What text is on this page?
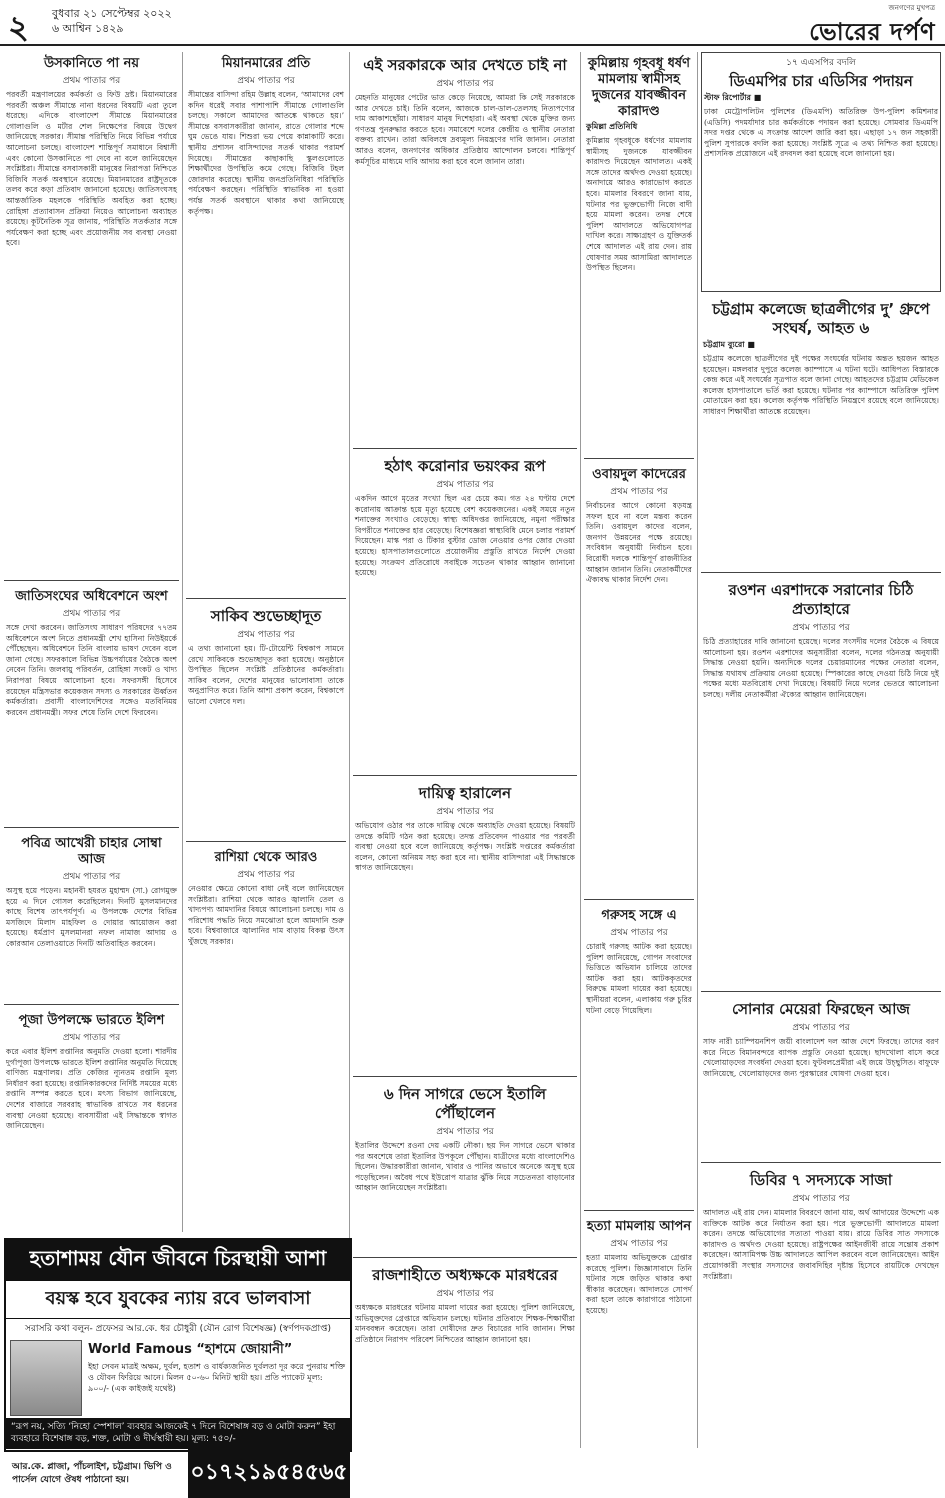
২ বুধবার ২১ সেপ্টেম্বর ২০২২
৬ আশ্বিন ১৪২৯
জনগণের মুখপত্র
ভোরের দর্পণ
উসকানিতে পা নয়
প্রথম পাতার পর

পরবর্তী মন্ত্রণালয়ের কর্মকর্তা ও ফিউ দ্রষ্ট। মিয়ানমারের পরবর্তী অঞ্চল সীমান্তে নানা ধরনের বিষয়টি এরা তুলে ধরেছে। এদিকে বাংলাদেশ সীমান্তে মিয়ানমারের গোলাগুলি ও মর্টার শেল নিক্ষেপের বিষয়ে উদ্বেগ জানিয়েছে সরকার। সীমান্ত পরিস্থিতি নিয়ে বিভিন্ন পর্যায়ে আলোচনা চলছে। বাংলাদেশ শান্তিপূর্ণ সমাধানে বিশ্বাসী এবং কোনো উসকানিতে পা দেবে না বলে জানিয়েছেন সংশ্লিষ্টরা। সীমান্তে বসবাসকারী মানুষের নিরাপত্তা নিশ্চিতে বিজিবি সতর্ক অবস্থানে রয়েছে। মিয়ানমারের রাষ্ট্রদূতকে তলব করে কড়া প্রতিবাদ জানানো হয়েছে। জাতিসংঘসহ আন্তর্জাতিক মহলকে পরিস্থিতি অবহিত করা হচ্ছে। রোহিঙ্গা প্রত্যাবাসন প্রক্রিয়া নিয়েও আলোচনা অব্যাহত রয়েছে। কূটনৈতিক সূত্র জানায়, পরিস্থিতি সতর্কতার সঙ্গে পর্যবেক্ষণ করা হচ্ছে এবং প্রয়োজনীয় সব ব্যবস্থা নেওয়া হবে।

জাতিসংঘের অধিবেশনে অংশ
প্রথম পাতার পর

সঙ্গে দেখা করবেন। জাতিসংঘ সাধারণ পরিষদের ৭৭তম অধিবেশনে অংশ নিতে প্রধানমন্ত্রী শেখ হাসিনা নিউইয়র্কে পৌঁছেছেন। অধিবেশনে তিনি বাংলায় ভাষণ দেবেন বলে জানা গেছে। সফরকালে বিভিন্ন উচ্চপর্যায়ের বৈঠকে অংশ নেবেন তিনি। জলবায়ু পরিবর্তন, রোহিঙ্গা সংকট ও খাদ্য নিরাপত্তা বিষয়ে আলোচনা হবে। সফরসঙ্গী হিসেবে রয়েছেন মন্ত্রিসভার কয়েকজন সদস্য ও সরকারের ঊর্ধ্বতন কর্মকর্তারা। প্রবাসী বাংলাদেশিদের সঙ্গেও মতবিনিময় করবেন প্রধানমন্ত্রী। সফর শেষে তিনি দেশে ফিরবেন।

পবিত্র আখেরী চাহার সোম্বা আজ
প্রথম পাতার পর

অসুস্থ হয়ে পড়েন। মহানবী হযরত মুহাম্মদ (সা.) রোগমুক্ত হয়ে এ দিনে গোসল করেছিলেন। দিনটি মুসলমানদের কাছে বিশেষ তাৎপর্যপূর্ণ। এ উপলক্ষে দেশের বিভিন্ন মসজিদে মিলাদ মাহফিল ও দোয়ার আয়োজন করা হয়েছে। ধর্মপ্রাণ মুসলমানরা নফল নামাজ আদায় ও কোরআন তেলাওয়াতে দিনটি অতিবাহিত করবেন।

পূজা উপলক্ষে ভারতে ইলিশ
প্রথম পাতার পর

করে এবার ইলিশ রপ্তানির অনুমতি দেওয়া হলো। শারদীয় দুর্গাপূজা উপলক্ষে ভারতে ইলিশ রপ্তানির অনুমতি দিয়েছে বাণিজ্য মন্ত্রণালয়। প্রতি কেজির ন্যূনতম রপ্তানি মূল্য নির্ধারণ করা হয়েছে। রপ্তানিকারকদের নির্দিষ্ট সময়ের মধ্যে রপ্তানি সম্পন্ন করতে হবে। মৎস্য বিভাগ জানিয়েছে, দেশের বাজারে সরবরাহ স্বাভাবিক রাখতে সব ধরনের ব্যবস্থা নেওয়া হয়েছে। ব্যবসায়ীরা এই সিদ্ধান্তকে স্বাগত জানিয়েছেন।

মিয়ানমারের প্রতি
প্রথম পাতার পর

সীমান্তের বাসিন্দা রহিম উল্লাহ বলেন, ‘আমাদের বেশ কদিন ধরেই সবার পাশাপাশি সীমান্তে গোলাগুলি চলছে। সকালে আমাদের আতঙ্কে থাকতে হয়।’ সীমান্তে বসবাসকারীরা জানান, রাতে গোলার শব্দে ঘুম ভেঙে যায়। শিশুরা ভয় পেয়ে কান্নাকাটি করে। স্থানীয় প্রশাসন বাসিন্দাদের সতর্ক থাকার পরামর্শ দিয়েছে। সীমান্তের কাছাকাছি স্কুলগুলোতে শিক্ষার্থীদের উপস্থিতি কমে গেছে। বিজিবি টহল জোরদার করেছে। স্থানীয় জনপ্রতিনিধিরা পরিস্থিতি পর্যবেক্ষণ করছেন। পরিস্থিতি স্বাভাবিক না হওয়া পর্যন্ত সতর্ক অবস্থানে থাকার কথা জানিয়েছে কর্তৃপক্ষ।

সাকিব শুভেচ্ছাদূত
প্রথম পাতার পর

এ তথ্য জানানো হয়। টি-টোয়েন্টি বিশ্বকাপ সামনে রেখে সাকিবকে শুভেচ্ছাদূত করা হয়েছে। অনুষ্ঠানে উপস্থিত ছিলেন সংশ্লিষ্ট প্রতিষ্ঠানের কর্মকর্তারা। সাকিব বলেন, দেশের মানুষের ভালোবাসা তাকে অনুপ্রাণিত করে। তিনি আশা প্রকাশ করেন, বিশ্বকাপে ভালো খেলবে দল।

রাশিয়া থেকে আরও
প্রথম পাতার পর

নেওয়ার ক্ষেত্রে কোনো বাধা নেই বলে জানিয়েছেন সংশ্লিষ্টরা। রাশিয়া থেকে আরও জ্বালানি তেল ও খাদ্যপণ্য আমদানির বিষয়ে আলোচনা চলছে। দাম ও পরিশোধ পদ্ধতি নিয়ে সমঝোতা হলে আমদানি শুরু হবে। বিশ্ববাজারে জ্বালানির দাম বাড়ায় বিকল্প উৎস খুঁজছে সরকার।

এই সরকারকে আর দেখতে চাই না
প্রথম পাতার পর

মেহনতি মানুষের পেটের ভাত কেড়ে নিয়েছে, আমরা কি সেই সরকারকে আর দেখতে চাই। তিনি বলেন, আজকে চাল-ডাল-তেলসহ নিত্যপণ্যের দাম আকাশছোঁয়া। সাধারণ মানুষ দিশেহারা। এই অবস্থা থেকে মুক্তির জন্য গণতন্ত্র পুনরুদ্ধার করতে হবে। সমাবেশে দলের কেন্দ্রীয় ও স্থানীয় নেতারা বক্তব্য রাখেন। তারা অবিলম্বে দ্রব্যমূল্য নিয়ন্ত্রণের দাবি জানান। নেতারা আরও বলেন, জনগণের অধিকার প্রতিষ্ঠায় আন্দোলন চলবে। শান্তিপূর্ণ কর্মসূচির মাধ্যমে দাবি আদায় করা হবে বলে জানান তারা।

হঠাৎ করোনার ভয়ংকর রূপ
প্রথম পাতার পর

একদিন আগে মৃতের সংখ্যা ছিল এর চেয়ে কম। গত ২৪ ঘণ্টায় দেশে করোনায় আক্রান্ত হয়ে মৃত্যু হয়েছে বেশ কয়েকজনের। একই সময়ে নতুন শনাক্তের সংখ্যাও বেড়েছে। স্বাস্থ্য অধিদপ্তর জানিয়েছে, নমুনা পরীক্ষার বিপরীতে শনাক্তের হার বেড়েছে। বিশেষজ্ঞরা স্বাস্থ্যবিধি মেনে চলার পরামর্শ দিয়েছেন। মাস্ক পরা ও টিকার বুস্টার ডোজ নেওয়ার ওপর জোর দেওয়া হয়েছে। হাসপাতালগুলোতে প্রয়োজনীয় প্রস্তুতি রাখতে নির্দেশ দেওয়া হয়েছে। সংক্রমণ প্রতিরোধে সবাইকে সচেতন থাকার আহ্বান জানানো হয়েছে।

দায়িত্ব হারালেন
প্রথম পাতার পর

অভিযোগ ওঠার পর তাকে দায়িত্ব থেকে অব্যাহতি দেওয়া হয়েছে। বিষয়টি তদন্তে কমিটি গঠন করা হয়েছে। তদন্ত প্রতিবেদন পাওয়ার পর পরবর্তী ব্যবস্থা নেওয়া হবে বলে জানিয়েছে কর্তৃপক্ষ। সংশ্লিষ্ট দপ্তরের কর্মকর্তারা বলেন, কোনো অনিয়ম সহ্য করা হবে না। স্থানীয় বাসিন্দারা এই সিদ্ধান্তকে স্বাগত জানিয়েছেন।

৬ দিন সাগরে ভেসে ইতালি পৌঁছালেন
প্রথম পাতার পর

ইতালির উদ্দেশে রওনা দেয় একটি নৌকা। ছয় দিন সাগরে ভেসে থাকার পর অবশেষে তারা ইতালির উপকূলে পৌঁছান। যাত্রীদের মধ্যে বাংলাদেশিও ছিলেন। উদ্ধারকারীরা জানান, খাবার ও পানির অভাবে অনেকে অসুস্থ হয়ে পড়েছিলেন। অবৈধ পথে ইউরোপ যাত্রার ঝুঁকি নিয়ে সচেতনতা বাড়ানোর আহ্বান জানিয়েছেন সংশ্লিষ্টরা।

রাজশাহীতে অধ্যক্ষকে মারধরের
প্রথম পাতার পর

অধ্যক্ষকে মারধরের ঘটনায় মামলা দায়ের করা হয়েছে। পুলিশ জানিয়েছে, অভিযুক্তদের গ্রেপ্তারে অভিযান চলছে। ঘটনার প্রতিবাদে শিক্ষক-শিক্ষার্থীরা মানববন্ধন করেছেন। তারা দোষীদের দ্রুত বিচারের দাবি জানান। শিক্ষা প্রতিষ্ঠানে নিরাপদ পরিবেশ নিশ্চিতের আহ্বান জানানো হয়।

কুমিল্লায় গৃহবধূ ধর্ষণ মামলায় স্বামীসহ দুজনের যাবজ্জীবন কারাদণ্ড
কুমিল্লা প্রতিনিধি

কুমিল্লায় গৃহবধূকে ধর্ষণের মামলায় স্বামীসহ দুজনকে যাবজ্জীবন কারাদণ্ড দিয়েছেন আদালত। একই সঙ্গে তাদের অর্থদণ্ড দেওয়া হয়েছে। অনাদায়ে আরও কারাভোগ করতে হবে। মামলার বিবরণে জানা যায়, ঘটনার পর ভুক্তভোগী নিজে বাদী হয়ে মামলা করেন। তদন্ত শেষে পুলিশ আদালতে অভিযোগপত্র দাখিল করে। সাক্ষ্যগ্রহণ ও যুক্তিতর্ক শেষে আদালত এই রায় দেন। রায় ঘোষণার সময় আসামিরা আদালতে উপস্থিত ছিলেন।

ওবায়দুল কাদেরের
প্রথম পাতার পর

নির্বাচনের আগে কোনো ষড়যন্ত্র সফল হবে না বলে মন্তব্য করেন তিনি। ওবায়দুল কাদের বলেন, জনগণ উন্নয়নের পক্ষে রয়েছে। সংবিধান অনুযায়ী নির্বাচন হবে। বিরোধী দলকে শান্তিপূর্ণ রাজনীতির আহ্বান জানান তিনি। নেতাকর্মীদের ঐক্যবদ্ধ থাকার নির্দেশ দেন।

গরুসহ সঙ্গে এ
প্রথম পাতার পর

চোরাই গরুসহ আটক করা হয়েছে। পুলিশ জানিয়েছে, গোপন সংবাদের ভিত্তিতে অভিযান চালিয়ে তাদের আটক করা হয়। আটককৃতদের বিরুদ্ধে মামলা দায়ের করা হয়েছে। স্থানীয়রা বলেন, এলাকায় গরু চুরির ঘটনা বেড়ে গিয়েছিল।

হত্যা মামলায় আপন
প্রথম পাতার পর

হত্যা মামলায় অভিযুক্তকে গ্রেপ্তার করেছে পুলিশ। জিজ্ঞাসাবাদে তিনি ঘটনার সঙ্গে জড়িত থাকার কথা স্বীকার করেছেন। আদালতে সোপর্দ করা হলে তাকে কারাগারে পাঠানো হয়েছে।

১৭ এএসপির বদলি
ডিএমপির চার এডিসির পদায়ন
স্টাফ রিপোর্টার ■

ঢাকা মেট্রোপলিটন পুলিশের (ডিএমপি) অতিরিক্ত উপ-পুলিশ কমিশনার (এডিসি) পদমর্যাদার চার কর্মকর্তাকে পদায়ন করা হয়েছে। সোমবার ডিএমপি সদর দপ্তর থেকে এ সংক্রান্ত আদেশ জারি করা হয়। এছাড়া ১৭ জন সহকারী পুলিশ সুপারকে বদলি করা হয়েছে। সংশ্লিষ্ট সূত্রে এ তথ্য নিশ্চিত করা হয়েছে। প্রশাসনিক প্রয়োজনে এই রদবদল করা হয়েছে বলে জানানো হয়।

চট্টগ্রাম কলেজে ছাত্রলীগের দু’ গ্রুপে সংঘর্ষ, আহত ৬
চট্টগ্রাম ব্যুরো ■

চট্টগ্রাম কলেজে ছাত্রলীগের দুই পক্ষের সংঘর্ষের ঘটনায় অন্তত ছয়জন আহত হয়েছেন। মঙ্গলবার দুপুরে কলেজ ক্যাম্পাসে এ ঘটনা ঘটে। আধিপত্য বিস্তারকে কেন্দ্র করে এই সংঘর্ষের সূত্রপাত বলে জানা গেছে। আহতদের চট্টগ্রাম মেডিকেল কলেজ হাসপাতালে ভর্তি করা হয়েছে। ঘটনার পর ক্যাম্পাসে অতিরিক্ত পুলিশ মোতায়েন করা হয়। কলেজ কর্তৃপক্ষ পরিস্থিতি নিয়ন্ত্রণে রয়েছে বলে জানিয়েছে। সাধারণ শিক্ষার্থীরা আতঙ্কে রয়েছেন।

রওশন এরশাদকে সরানোর চিঠি প্রত্যাহারে
প্রথম পাতার পর

চিঠি প্রত্যাহারের দাবি জানানো হয়েছে। দলের সংসদীয় দলের বৈঠকে এ বিষয়ে আলোচনা হয়। রওশন এরশাদের অনুসারীরা বলেন, দলের গঠনতন্ত্র অনুযায়ী সিদ্ধান্ত নেওয়া হয়নি। অন্যদিকে দলের চেয়ারম্যানের পক্ষের নেতারা বলেন, সিদ্ধান্ত যথাযথ প্রক্রিয়ায় নেওয়া হয়েছে। স্পিকারের কাছে দেওয়া চিঠি নিয়ে দুই পক্ষের মধ্যে মতবিরোধ দেখা দিয়েছে। বিষয়টি নিয়ে দলের ভেতরে আলোচনা চলছে। দলীয় নেতাকর্মীরা ঐক্যের আহ্বান জানিয়েছেন।

সোনার মেয়েরা ফিরছেন আজ
প্রথম পাতার পর

সাফ নারী চ্যাম্পিয়নশিপ জয়ী বাংলাদেশ দল আজ দেশে ফিরছে। তাদের বরণ করে নিতে বিমানবন্দরে ব্যাপক প্রস্তুতি নেওয়া হয়েছে। ছাদখোলা বাসে করে খেলোয়াড়দের সংবর্ধনা দেওয়া হবে। ফুটবলপ্রেমীরা এই জয়ে উচ্ছ্বসিত। বাফুফে জানিয়েছে, খেলোয়াড়দের জন্য পুরস্কারের ঘোষণা দেওয়া হবে।

ডিবির ৭ সদস্যকে সাজা
প্রথম পাতার পর

আদালত এই রায় দেন। মামলার বিবরণে জানা যায়, অর্থ আদায়ের উদ্দেশ্যে এক ব্যক্তিকে আটক করে নির্যাতন করা হয়। পরে ভুক্তভোগী আদালতে মামলা করেন। তদন্তে অভিযোগের সত্যতা পাওয়া যায়। রায়ে ডিবির সাত সদস্যকে কারাদণ্ড ও অর্থদণ্ড দেওয়া হয়েছে। রাষ্ট্রপক্ষের আইনজীবী রায়ে সন্তোষ প্রকাশ করেছেন। আসামিপক্ষ উচ্চ আদালতে আপিল করবেন বলে জানিয়েছেন। আইন প্রয়োগকারী সংস্থার সদস্যদের জবাবদিহির দৃষ্টান্ত হিসেবে রায়টিকে দেখছেন সংশ্লিষ্টরা।

হতাশাময় যৌন জীবনে চিরস্থায়ী আশা
বয়স্ক হবে যুবকের ন্যায় রবে ভালবাসা
সরাসরি কথা বলুন- প্রফেসর আর.কে. ধর চৌধুরী (যৌন রোগ বিশেষজ্ঞ) (স্বর্ণপদকপ্রাপ্ত)
World Famous “হাশমে জোয়ানী”
ইহা সেবন মাত্রই অক্ষম, দুর্বল, হতাশ ও বার্ধক্যজনিত দুর্বলতা দূর করে পুনরায় শক্তি ও যৌবন ফিরিয়ে আনে। মিলন ৫০-৬০ মিনিট স্থায়ী হয়। প্রতি প্যাকেট মূল্য: ৯০০/- (এক কাইজই যথেষ্ট)
“রূপ নয়, সত্যি ‘নিহো স্পেশাল’ ব্যবহার আজকেই ৭ দিনে বিশেষাঙ্গ বড় ও মোটা করুন” ইহা ব্যবহারে বিশেষাঙ্গ বড়, শক্ত, মোটা ও দীর্ঘস্থায়ী হয়। মূল্য: ৭৫০/-
আর.কে. প্লাজা, পাঁচলাইশ, চট্টগ্রাম। ভিপি ও পার্সেল যোগে ঔষধ পাঠানো হয়।	০১৭২১৯৫৪৫৬৫
